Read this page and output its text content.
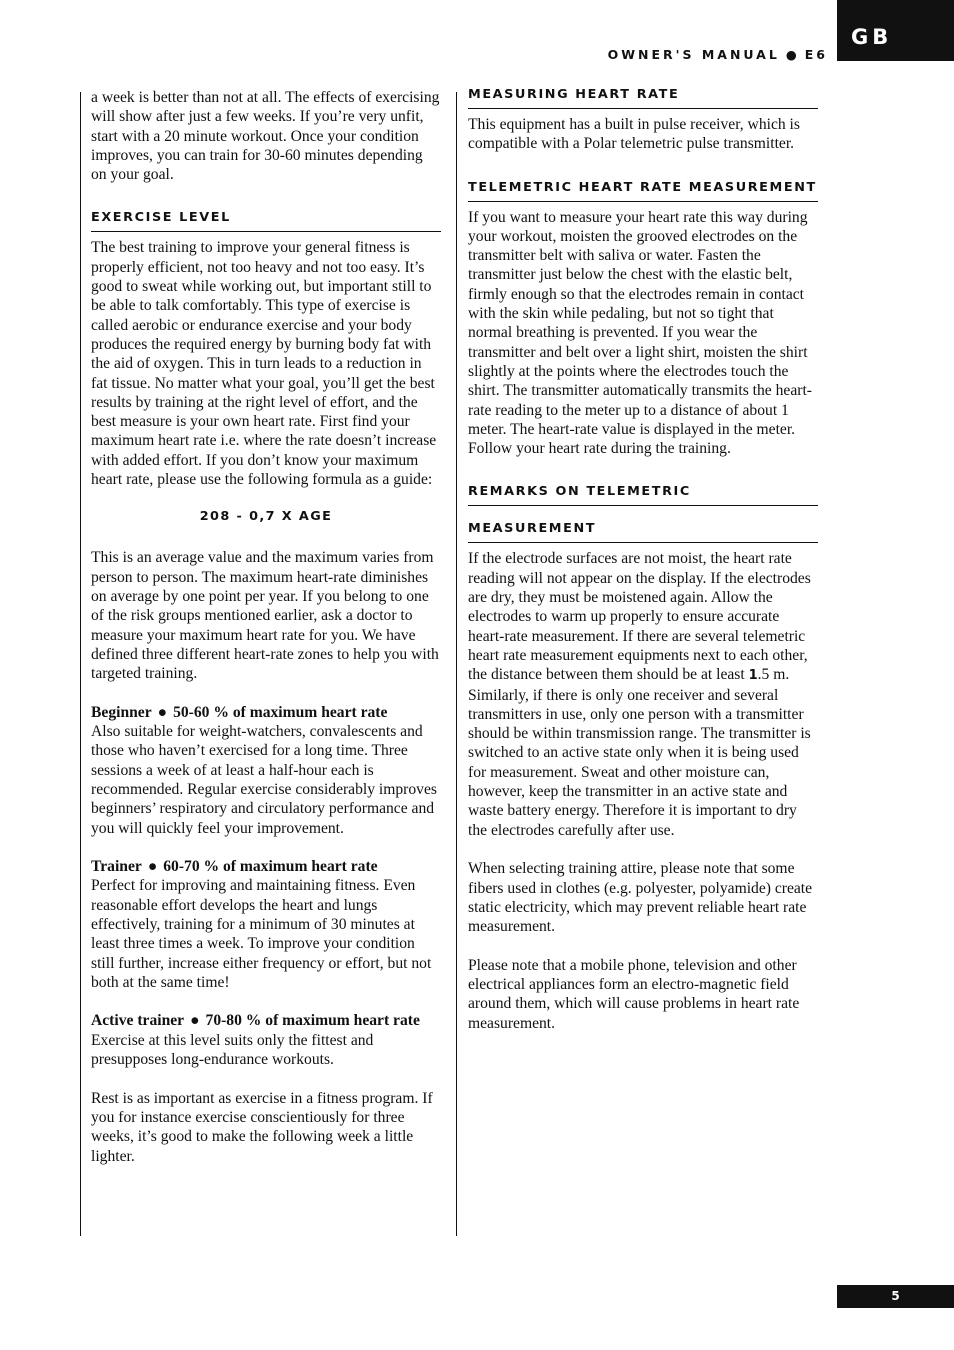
GB
OWNER'S MANUAL ● E6

a week is better than not at all. The effects of exercising will show after just a few weeks. If you’re very unfit, start with a 20 minute workout. Once your condition improves, you can train for 30-60 minutes depending on your goal.

EXERCISE LEVEL

The best training to improve your general fitness is properly efficient, not too heavy and not too easy. It’s good to sweat while working out, but important still to be able to talk comfortably. This type of exercise is called aerobic or endurance exercise and your body produces the required energy by burning body fat with the aid of oxygen. This in turn leads to a reduction in fat tissue. No matter what your goal, you’ll get the best results by training at the right level of effort, and the best measure is your own heart rate. First find your maximum heart rate i.e. where the rate doesn’t increase with added effort. If you don’t know your maximum heart rate, please use the following formula as a guide:

208 - 0,7 X AGE

This is an average value and the maximum varies from person to person. The maximum heart-rate diminishes on average by one point per year. If you belong to one of the risk groups mentioned earlier, ask a doctor to measure your maximum heart rate for you. We have defined three different heart-rate zones to help you with targeted training.

Beginner ● 50-60 % of maximum heart rate
Also suitable for weight-watchers, convalescents and those who haven’t exercised for a long time. Three sessions a week of at least a half-hour each is recommended. Regular exercise considerably improves beginners’ respiratory and circulatory performance and you will quickly feel your improvement.

Trainer ● 60-70 % of maximum heart rate
Perfect for improving and maintaining fitness. Even reasonable effort develops the heart and lungs effectively, training for a minimum of 30 minutes at least three times a week. To improve your condition still further, increase either frequency or effort, but not both at the same time!

Active trainer ● 70-80 % of maximum heart rate
Exercise at this level suits only the fittest and presupposes long-endurance workouts.

Rest is as important as exercise in a fitness program. If you for instance exercise conscientiously for three weeks, it’s good to make the following week a little lighter.

MEASURING HEART RATE

This equipment has a built in pulse receiver, which is compatible with a Polar telemetric pulse transmitter.

TELEMETRIC HEART RATE MEASUREMENT

If you want to measure your heart rate this way during your workout, moisten the grooved electrodes on the transmitter belt with saliva or water. Fasten the transmitter just below the chest with the elastic belt, firmly enough so that the electrodes remain in contact with the skin while pedaling, but not so tight that normal breathing is prevented. If you wear the transmitter and belt over a light shirt, moisten the shirt slightly at the points where the electrodes touch the shirt. The transmitter automatically transmits the heart-rate reading to the meter up to a distance of about 1 meter. The heart-rate value is displayed in the meter. Follow your heart rate during the training.

REMARKS ON TELEMETRIC
MEASUREMENT

If the electrode surfaces are not moist, the heart rate reading will not appear on the display. If the electrodes are dry, they must be moistened again. Allow the electrodes to warm up properly to ensure accurate heart-rate measurement. If there are several telemetric heart rate measurement equipments next to each other, the distance between them should be at least 1.5 m. Similarly, if there is only one receiver and several transmitters in use, only one person with a transmitter should be within transmission range. The transmitter is switched to an active state only when it is being used for measurement. Sweat and other moisture can, however, keep the transmitter in an active state and waste battery energy. Therefore it is important to dry the electrodes carefully after use.

When selecting training attire, please note that some fibers used in clothes (e.g. polyester, polyamide) create static electricity, which may prevent reliable heart rate measurement.

Please note that a mobile phone, television and other electrical appliances form an electro-magnetic field around them, which will cause problems in heart rate measurement.

5
